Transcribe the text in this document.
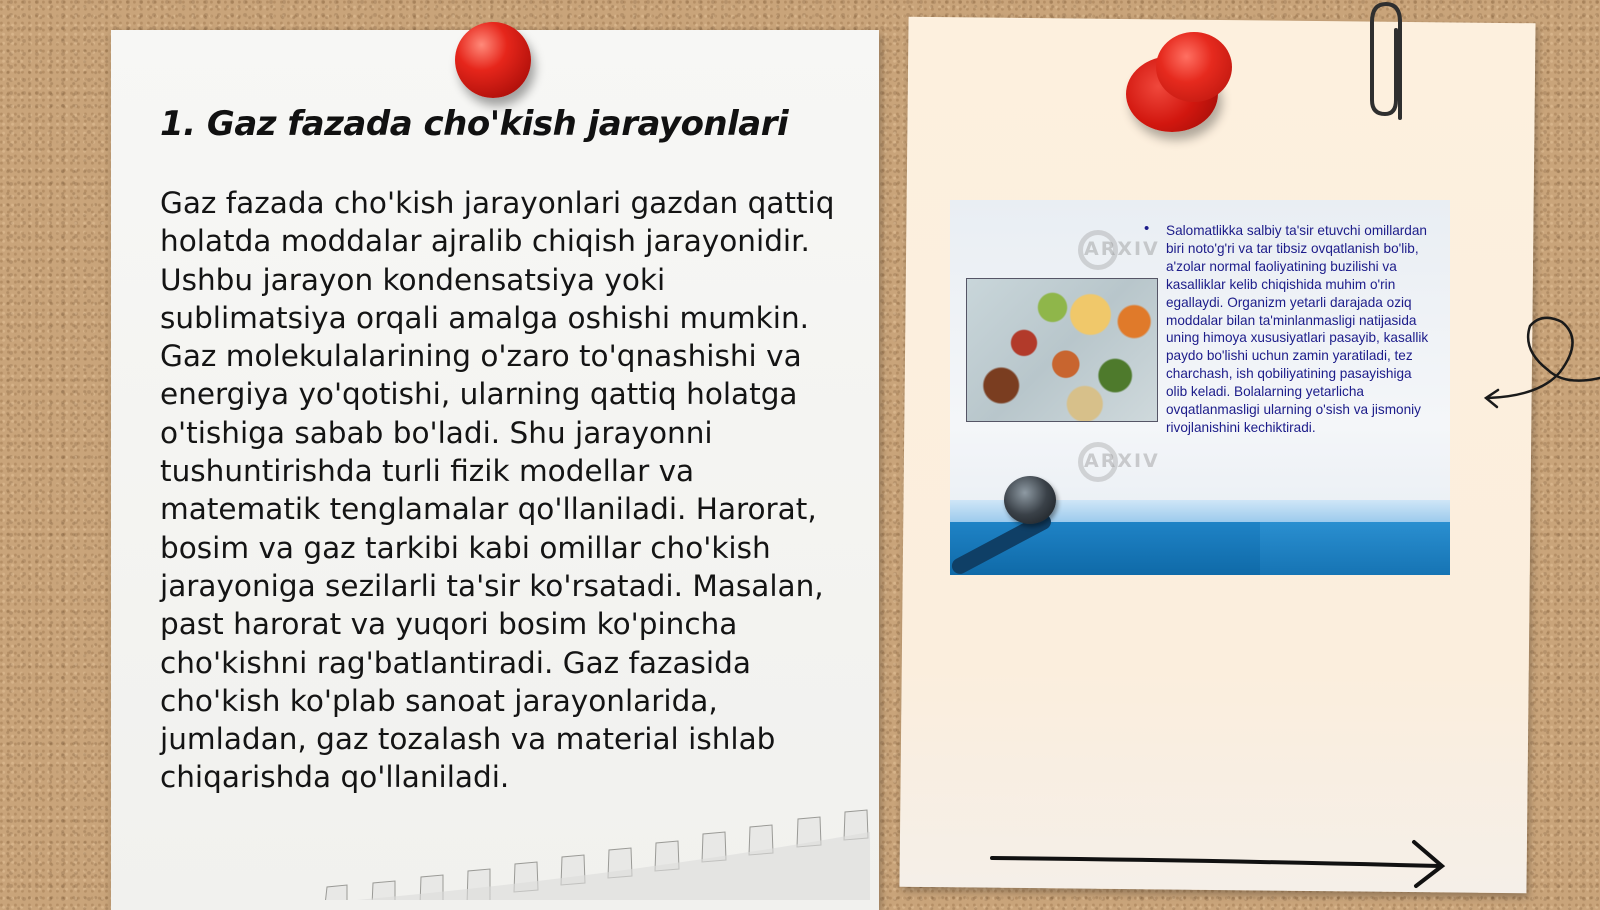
1. Gaz fazada cho'kish jarayonlari

Gaz fazada cho'kish jarayonlari gazdan qattiq holatda moddalar ajralib chiqish jarayonidir. Ushbu jarayon kondensatsiya yoki sublimatsiya orqali amalga oshishi mumkin. Gaz molekulalarining o'zaro to'qnashishi va energiya yo'qotishi, ularning qattiq holatga o'tishiga sabab bo'ladi. Shu jarayonni tushuntirishda turli fizik modellar va matematik tenglamalar qo'llaniladi. Harorat, bosim va gaz tarkibi kabi omillar cho'kish jarayoniga sezilarli ta'sir ko'rsatadi. Masalan, past harorat va yuqori bosim ko'pincha cho'kishni rag'batlantiradi. Gaz fazasida cho'kish ko'plab sanoat jarayonlarida, jumladan, gaz tozalash va material ishlab chiqarishda qo'llaniladi.

ARXIV
ARXIV
• Salomatlikka salbiy ta'sir etuvchi omillardan biri noto'g'ri va tar tibsiz ovqatlanish bo'lib, a'zolar normal faoliyatining buzilishi va kasalliklar kelib chiqishida muhim o'rin egallaydi. Organizm yetarli darajada oziq moddalar bilan ta'minlanmasligi natijasida uning himoya xususiyatlari pasayib, kasallik paydo bo'lishi uchun zamin yaratiladi, tez charchash, ish qobiliyatining pasayishiga olib keladi. Bolalarning yetarlicha ovqatlanmasligi ularning o'sish va jismoniy rivojlanishini kechiktiradi.
